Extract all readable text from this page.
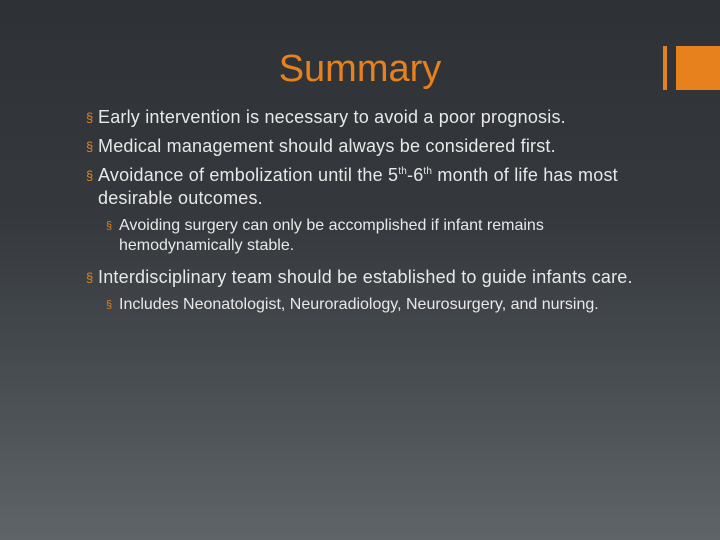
Summary
§ Early intervention is necessary to avoid a poor prognosis.
§ Medical management should always be considered first.
§ Avoidance of embolization until the 5th-6th month of life has most desirable outcomes.
§ Avoiding surgery can only be accomplished if infant remains hemodynamically stable.
§ Interdisciplinary team should be established to guide infants care.
§ Includes Neonatologist, Neuroradiology, Neurosurgery, and nursing.
